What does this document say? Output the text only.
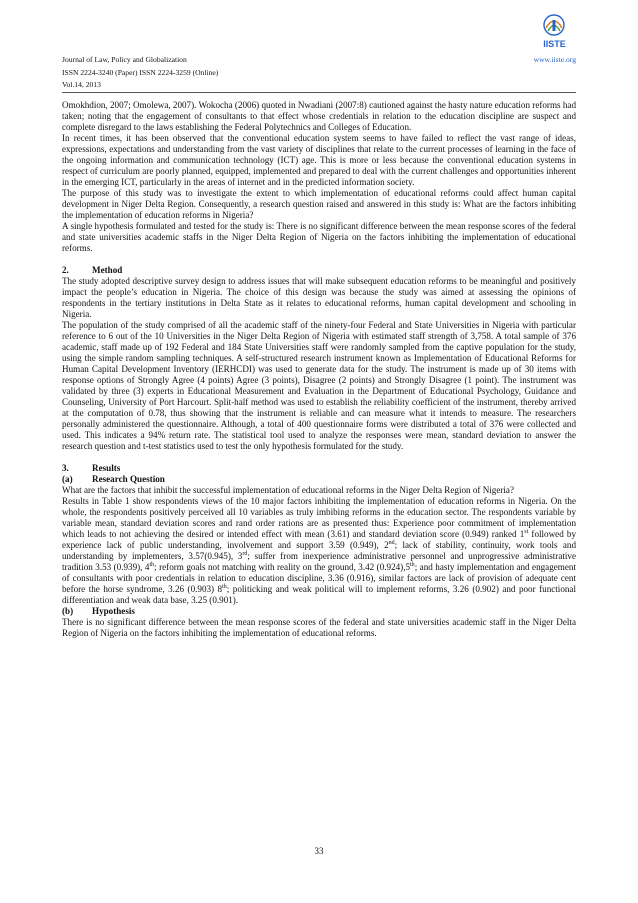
Journal of Law, Policy and Globalization
ISSN 2224-3240 (Paper) ISSN 2224-3259 (Online)
Vol.14, 2013
www.iiste.org
IISTE

Omokhdion, 2007; Omolewa, 2007). Wokocha (2006) quoted in Nwadiani (2007:8) cautioned against the hasty nature education reforms had taken; noting that the engagement of consultants to that effect whose credentials in relation to the education discipline are suspect and complete disregard to the laws establishing the Federal Polytechnics and Colleges of Education.

In recent times, it has been observed that the conventional education system seems to have failed to reflect the vast range of ideas, expressions, expectations and understanding from the vast variety of disciplines that relate to the current processes of learning in the face of the ongoing information and communication technology (ICT) age. This is more or less because the conventional education systems in respect of curriculum are poorly planned, equipped, implemented and prepared to deal with the current challenges and opportunities inherent in the emerging ICT, particularly in the areas of internet and in the predicted information society.

The purpose of this study was to investigate the extent to which implementation of educational reforms could affect human capital development in Niger Delta Region. Consequently, a research question raised and answered in this study is: What are the factors inhibiting the implementation of education reforms in Nigeria?

A single hypothesis formulated and tested for the study is: There is no significant difference between the mean response scores of the federal and state universities academic staffs in the Niger Delta Region of Nigeria on the factors inhibiting the implementation of educational reforms.

2.	Method

The study adopted descriptive survey design to address issues that will make subsequent education reforms to be meaningful and positively impact the people’s education in Nigeria. The choice of this design was because the study was aimed at assessing the opinions of respondents in the tertiary institutions in Delta State as it relates to educational reforms, human capital development and schooling in Nigeria.

The population of the study comprised of all the academic staff of the ninety-four Federal and State Universities in Nigeria with particular reference to 6 out of the 10 Universities in the Niger Delta Region of Nigeria with estimated staff strength of 3,758. A total sample of 376 academic, staff made up of 192 Federal and 184 State Universities staff were randomly sampled from the captive population for the study, using the simple random sampling techniques. A self-structured research instrument known as Implementation of Educational Reforms for Human Capital Development Inventory (IERHCDI) was used to generate data for the study. The instrument is made up of 30 items with response options of Strongly Agree (4 points) Agree (3 points), Disagree (2 points) and Strongly Disagree (1 point). The instrument was validated by three (3) experts in Educational Measurement and Evaluation in the Department of Educational Psychology, Guidance and Counseling, University of Port Harcourt. Split-half method was used to establish the reliability coefficient of the instrument, thereby arrived at the computation of 0.78, thus showing that the instrument is reliable and can measure what it intends to measure. The researchers personally administered the questionnaire. Although, a total of 400 questionnaire forms were distributed a total of 376 were collected and used. This indicates a 94% return rate. The statistical tool used to analyze the responses were mean, standard deviation to answer the research question and t-test statistics used to test the only hypothesis formulated for the study.

3.	Results
(a)	Research Question

What are the factors that inhibit the successful implementation of educational reforms in the Niger Delta Region of Nigeria?

Results in Table 1 show respondents views of the 10 major factors inhibiting the implementation of education reforms in Nigeria. On the whole, the respondents positively perceived all 10 variables as truly imbibing reforms in the education sector. The respondents variable by variable mean, standard deviation scores and rand order rations are as presented thus: Experience poor commitment of implementation which leads to not achieving the desired or intended effect with mean (3.61) and standard deviation score (0.949) ranked 1st followed by experience lack of public understanding, involvement and support 3.59 (0.949), 2nd; lack of stability, continuity, work tools and understanding by implementers, 3.57(0.945), 3rd; suffer from inexperience administrative personnel and unprogressive administrative tradition 3.53 (0.939), 4th; reform goals not matching with reality on the ground, 3.42 (0.924),5th; and hasty implementation and engagement of consultants with poor credentials in relation to education discipline, 3.36 (0.916), similar factors are lack of provision of adequate cent before the horse syndrome, 3.26 (0.903) 8th; politicking and weak political will to implement reforms, 3.26 (0.902) and poor functional differentiation and weak data base, 3.25 (0.901).

(b)	Hypothesis

There is no significant difference between the mean response scores of the federal and state universities academic staff in the Niger Delta Region of Nigeria on the factors inhibiting the implementation of educational reforms.

33
